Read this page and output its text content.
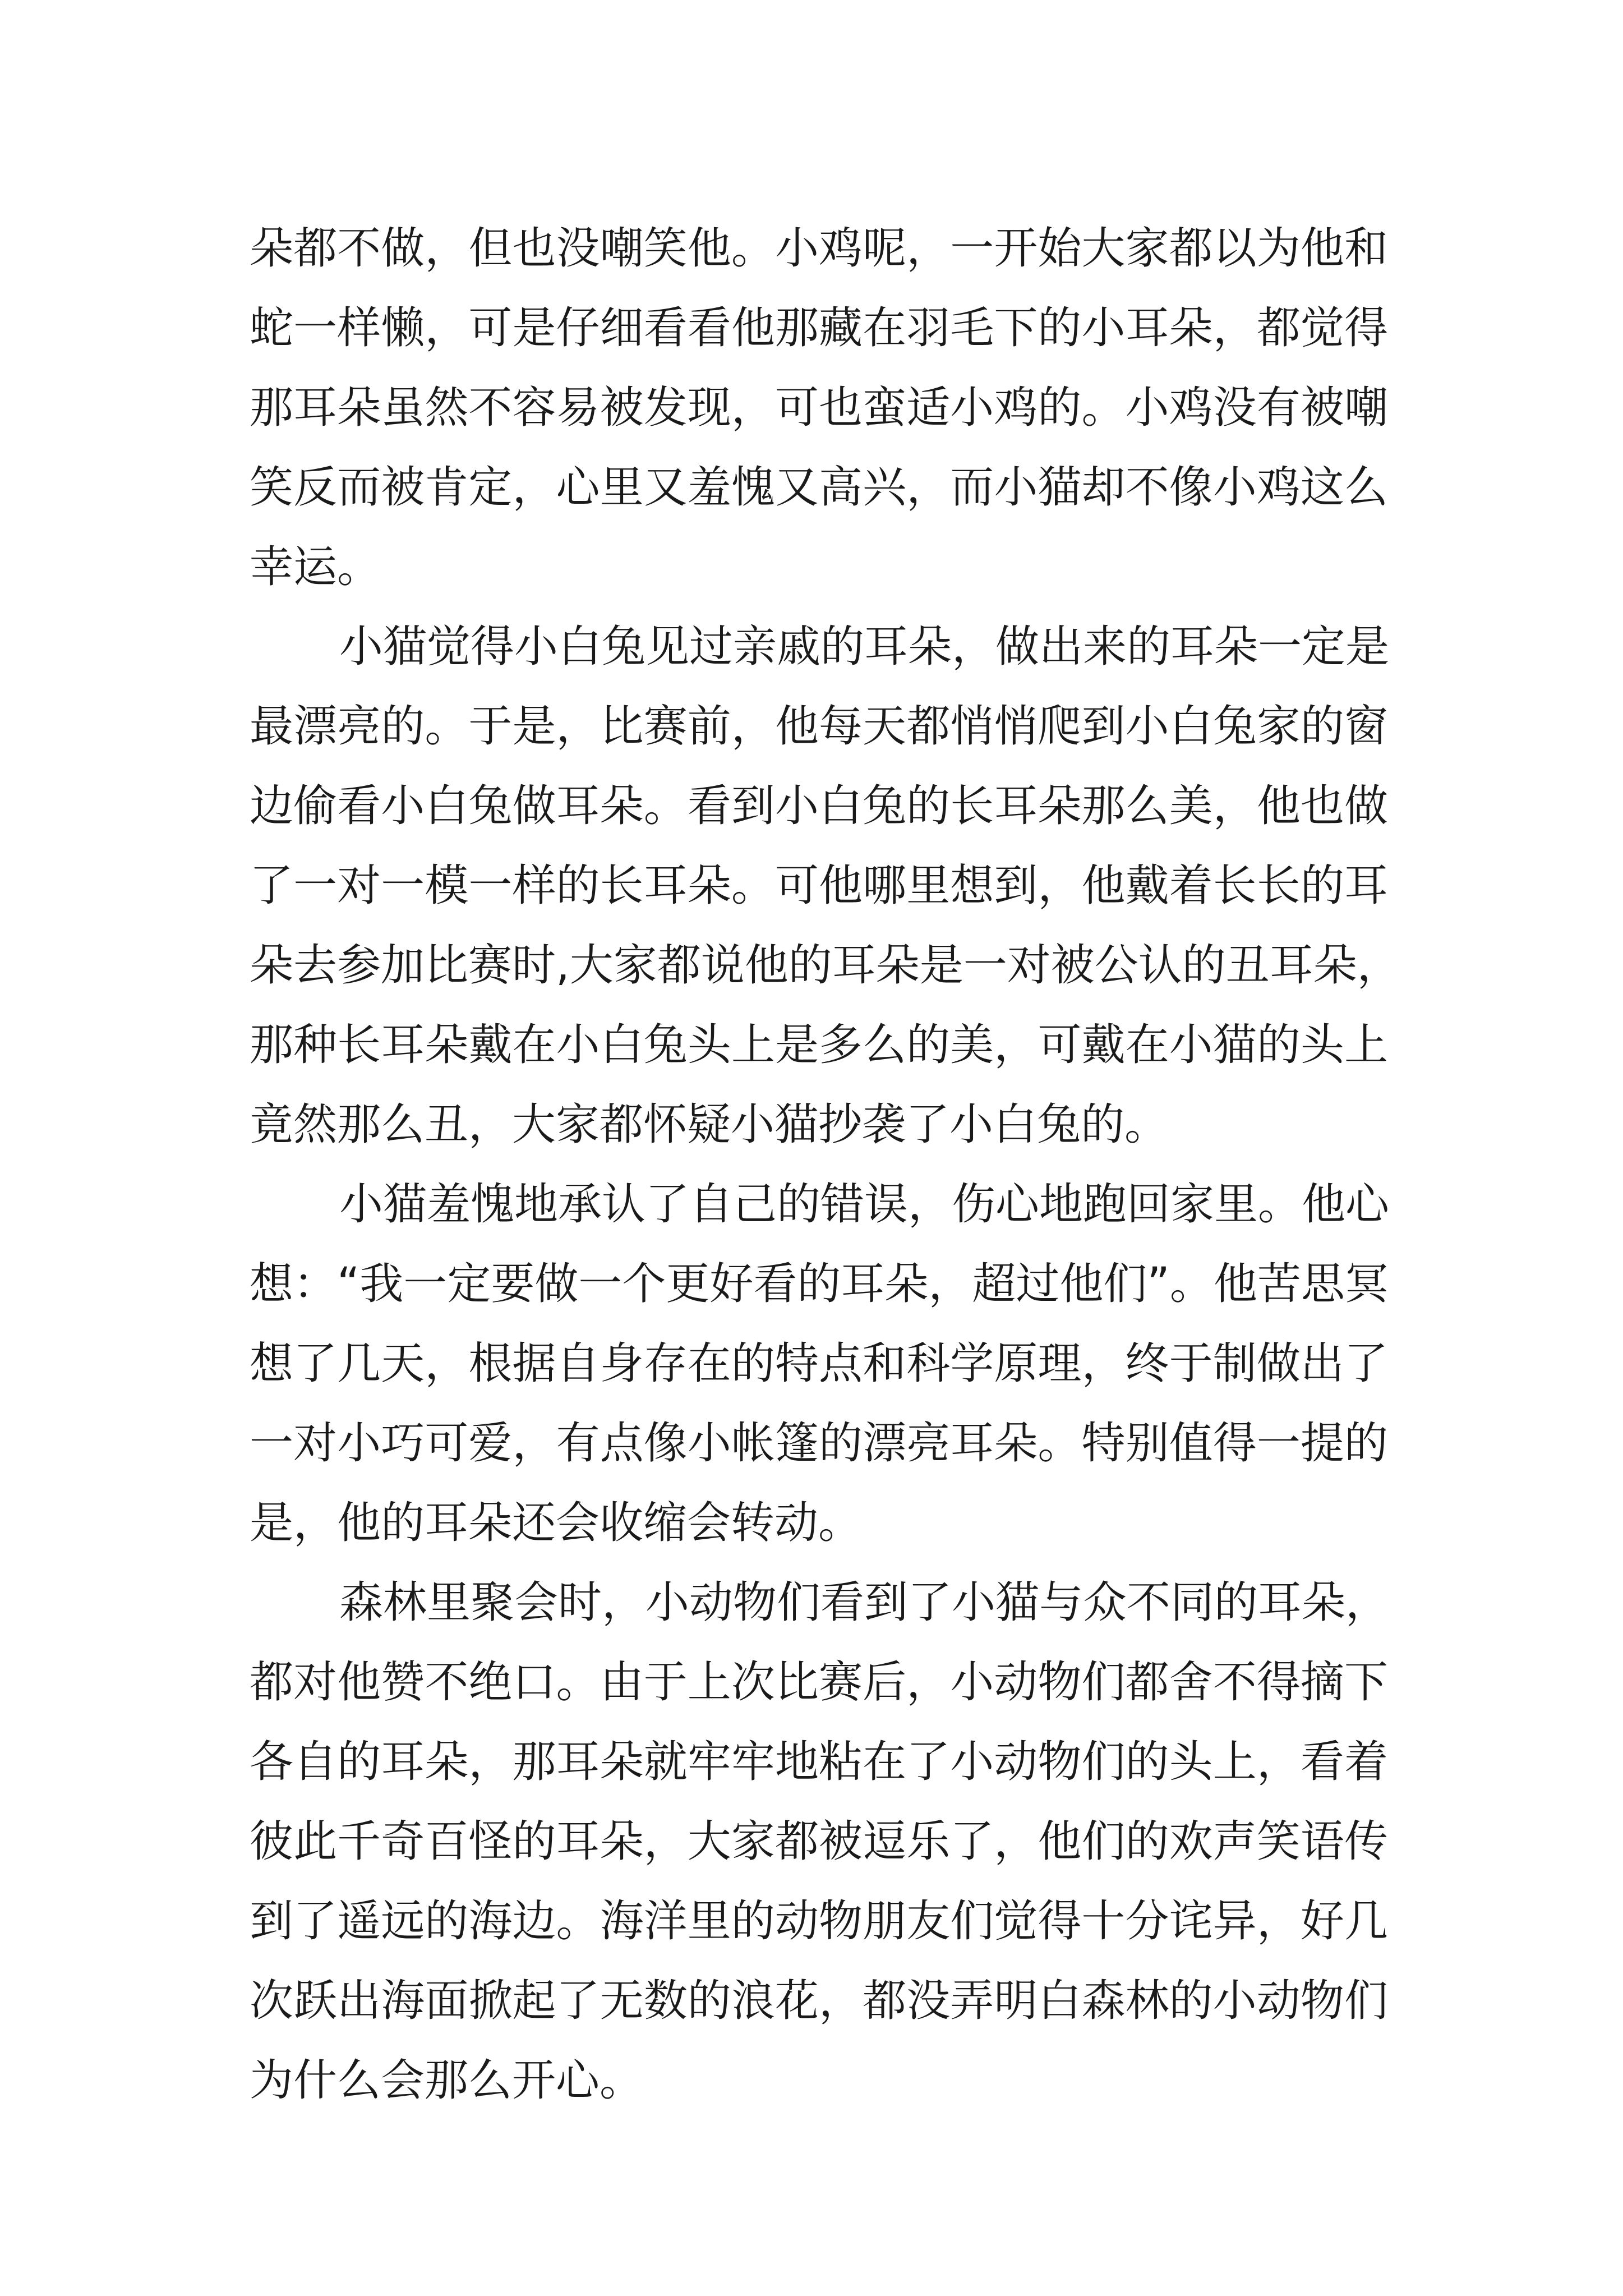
朵都不做，但也没嘲笑他。小鸡呢，一开始大家都以为他和
蛇一样懒，可是仔细看看他那藏在羽毛下的小耳朵，都觉得
那耳朵虽然不容易被发现，可也蛮适小鸡的。小鸡没有被嘲
笑反而被肯定，心里又羞愧又高兴，而小猫却不像小鸡这么
幸运。
小猫觉得小白兔见过亲戚的耳朵，做出来的耳朵一定是
最漂亮的。于是，比赛前，他每天都悄悄爬到小白兔家的窗
边偷看小白兔做耳朵。看到小白兔的长耳朵那么美，他也做
了一对一模一样的长耳朵。可他哪里想到，他戴着长长的耳
朵去参加比赛时,大家都说他的耳朵是一对被公认的丑耳朵，
那种长耳朵戴在小白兔头上是多么的美，可戴在小猫的头上
竟然那么丑，大家都怀疑小猫抄袭了小白兔的。
小猫羞愧地承认了自己的错误，伤心地跑回家里。他心
想：“我一定要做一个更好看的耳朵，超过他们”。他苦思冥
想了几天，根据自身存在的特点和科学原理，终于制做出了
一对小巧可爱，有点像小帐篷的漂亮耳朵。特别值得一提的
是，他的耳朵还会收缩会转动。
森林里聚会时，小动物们看到了小猫与众不同的耳朵，
都对他赞不绝口。由于上次比赛后，小动物们都舍不得摘下
各自的耳朵，那耳朵就牢牢地粘在了小动物们的头上，看着
彼此千奇百怪的耳朵，大家都被逗乐了，他们的欢声笑语传
到了遥远的海边。海洋里的动物朋友们觉得十分诧异，好几
次跃出海面掀起了无数的浪花，都没弄明白森林的小动物们
为什么会那么开心。
